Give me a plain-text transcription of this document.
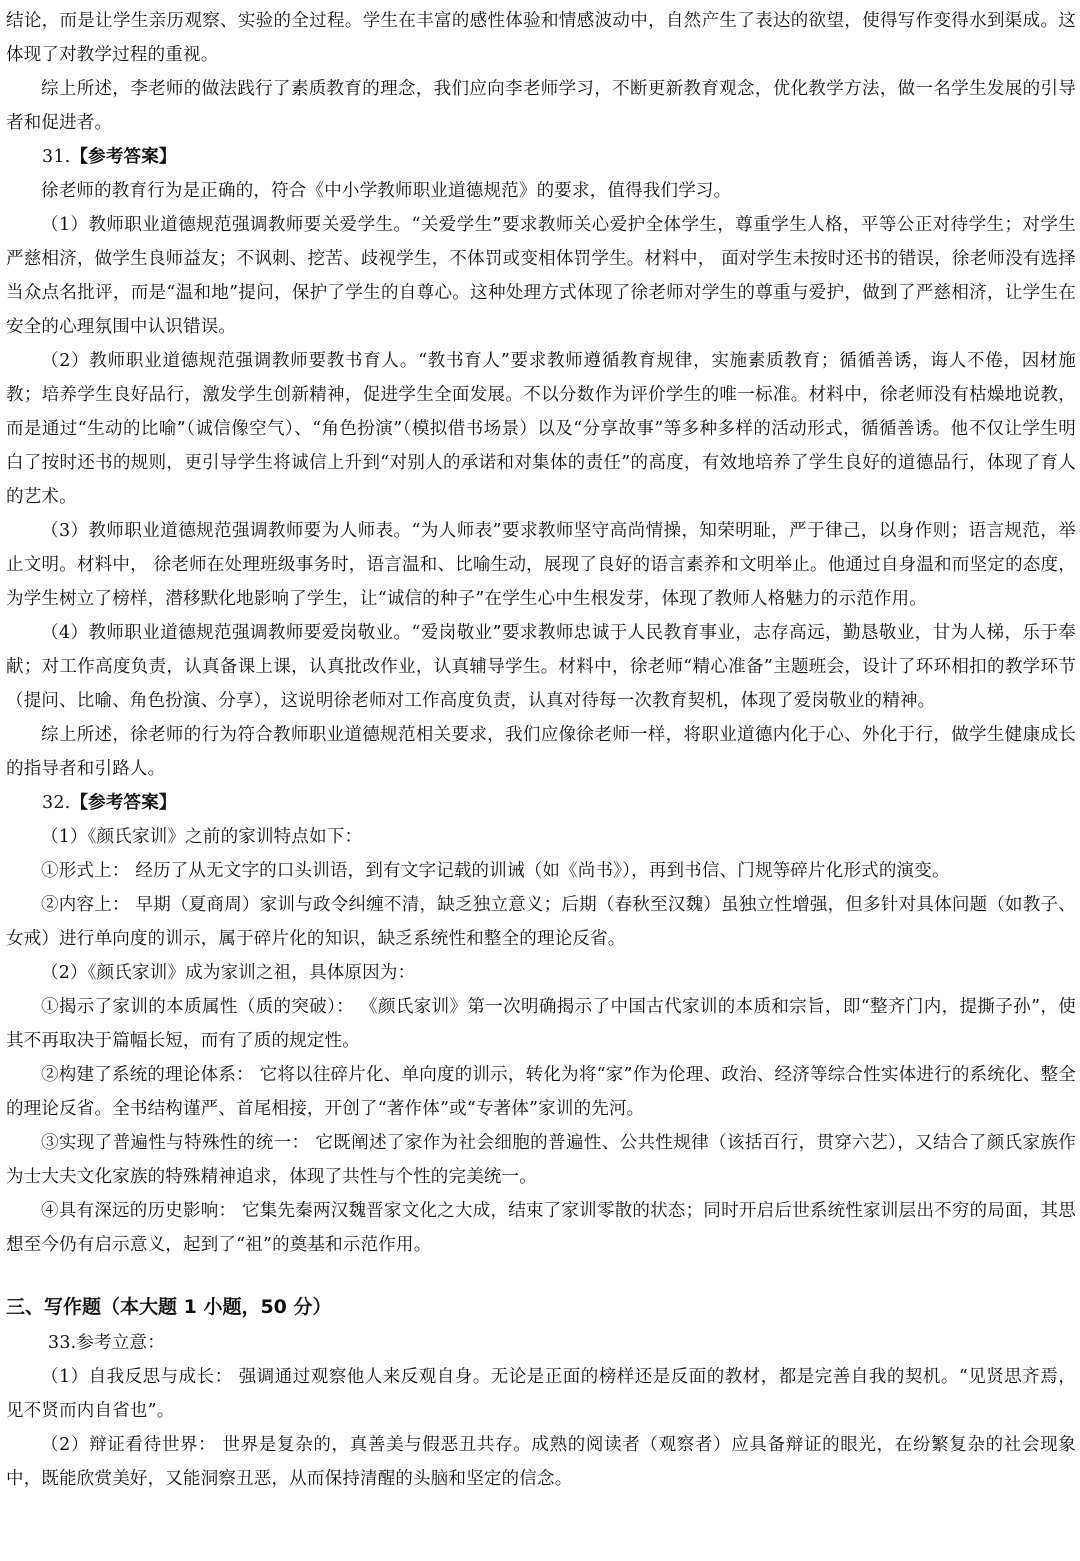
结论，而是让学生亲历观察、实验的全过程。学生在丰富的感性体验和情感波动中，自然产生了表达的欲望，使得写作变得水到渠成。这体现了对教学过程的重视。

综上所述，李老师的做法践行了素质教育的理念，我们应向李老师学习，不断更新教育观念，优化教学方法，做一名学生发展的引导者和促进者。

31.【参考答案】

徐老师的教育行为是正确的，符合《中小学教师职业道德规范》的要求，值得我们学习。

（1）教师职业道德规范强调教师要关爱学生。“关爱学生”要求教师关心爱护全体学生，尊重学生人格，平等公正对待学生；对学生严慈相济，做学生良师益友；不讽刺、挖苦、歧视学生，不体罚或变相体罚学生。材料中， 面对学生未按时还书的错误，徐老师没有选择当众点名批评，而是“温和地”提问，保护了学生的自尊心。这种处理方式体现了徐老师对学生的尊重与爱护，做到了严慈相济，让学生在安全的心理氛围中认识错误。

（2）教师职业道德规范强调教师要教书育人。“教书育人”要求教师遵循教育规律，实施素质教育；循循善诱，诲人不倦，因材施教；培养学生良好品行，激发学生创新精神，促进学生全面发展。不以分数作为评价学生的唯一标准。材料中，徐老师没有枯燥地说教，而是通过“生动的比喻”（诚信像空气）、“角色扮演”（模拟借书场景）以及“分享故事”等多种多样的活动形式，循循善诱。他不仅让学生明白了按时还书的规则，更引导学生将诚信上升到“对别人的承诺和对集体的责任”的高度，有效地培养了学生良好的道德品行，体现了育人的艺术。

（3）教师职业道德规范强调教师要为人师表。“为人师表”要求教师坚守高尚情操，知荣明耻，严于律己，以身作则；语言规范，举止文明。材料中， 徐老师在处理班级事务时，语言温和、比喻生动，展现了良好的语言素养和文明举止。他通过自身温和而坚定的态度，为学生树立了榜样，潜移默化地影响了学生，让“诚信的种子”在学生心中生根发芽，体现了教师人格魅力的示范作用。

（4）教师职业道德规范强调教师要爱岗敬业。“爱岗敬业”要求教师忠诚于人民教育事业，志存高远，勤恳敬业，甘为人梯，乐于奉献；对工作高度负责，认真备课上课，认真批改作业，认真辅导学生。材料中，徐老师“精心准备”主题班会，设计了环环相扣的教学环节（提问、比喻、角色扮演、分享），这说明徐老师对工作高度负责，认真对待每一次教育契机，体现了爱岗敬业的精神。

综上所述，徐老师的行为符合教师职业道德规范相关要求，我们应像徐老师一样，将职业道德内化于心、外化于行，做学生健康成长的指导者和引路人。

32.【参考答案】

（1）《颜氏家训》之前的家训特点如下：

①形式上： 经历了从无文字的口头训语，到有文字记载的训诫（如《尚书》），再到书信、门规等碎片化形式的演变。

②内容上： 早期（夏商周）家训与政令纠缠不清，缺乏独立意义；后期（春秋至汉魏）虽独立性增强，但多针对具体问题（如教子、女戒）进行单向度的训示，属于碎片化的知识，缺乏系统性和整全的理论反省。

（2）《颜氏家训》成为家训之祖，具体原因为：

①揭示了家训的本质属性（质的突破）： 《颜氏家训》第一次明确揭示了中国古代家训的本质和宗旨，即“整齐门内，提撕子孙”，使其不再取决于篇幅长短，而有了质的规定性。

②构建了系统的理论体系： 它将以往碎片化、单向度的训示，转化为将“家”作为伦理、政治、经济等综合性实体进行的系统化、整全的理论反省。全书结构谨严、首尾相接，开创了“著作体”或“专著体”家训的先河。

③实现了普遍性与特殊性的统一： 它既阐述了家作为社会细胞的普遍性、公共性规律（该括百行，贯穿六艺），又结合了颜氏家族作为士大夫文化家族的特殊精神追求，体现了共性与个性的完美统一。

④具有深远的历史影响： 它集先秦两汉魏晋家文化之大成，结束了家训零散的状态；同时开启后世系统性家训层出不穷的局面，其思想至今仍有启示意义，起到了“祖”的奠基和示范作用。

三、写作题（本大题 1 小题，50 分）

33.参考立意：

（1）自我反思与成长： 强调通过观察他人来反观自身。无论是正面的榜样还是反面的教材，都是完善自我的契机。“见贤思齐焉，见不贤而内自省也”。

（2）辩证看待世界： 世界是复杂的，真善美与假恶丑共存。成熟的阅读者（观察者）应具备辩证的眼光，在纷繁复杂的社会现象中，既能欣赏美好，又能洞察丑恶，从而保持清醒的头脑和坚定的信念。
